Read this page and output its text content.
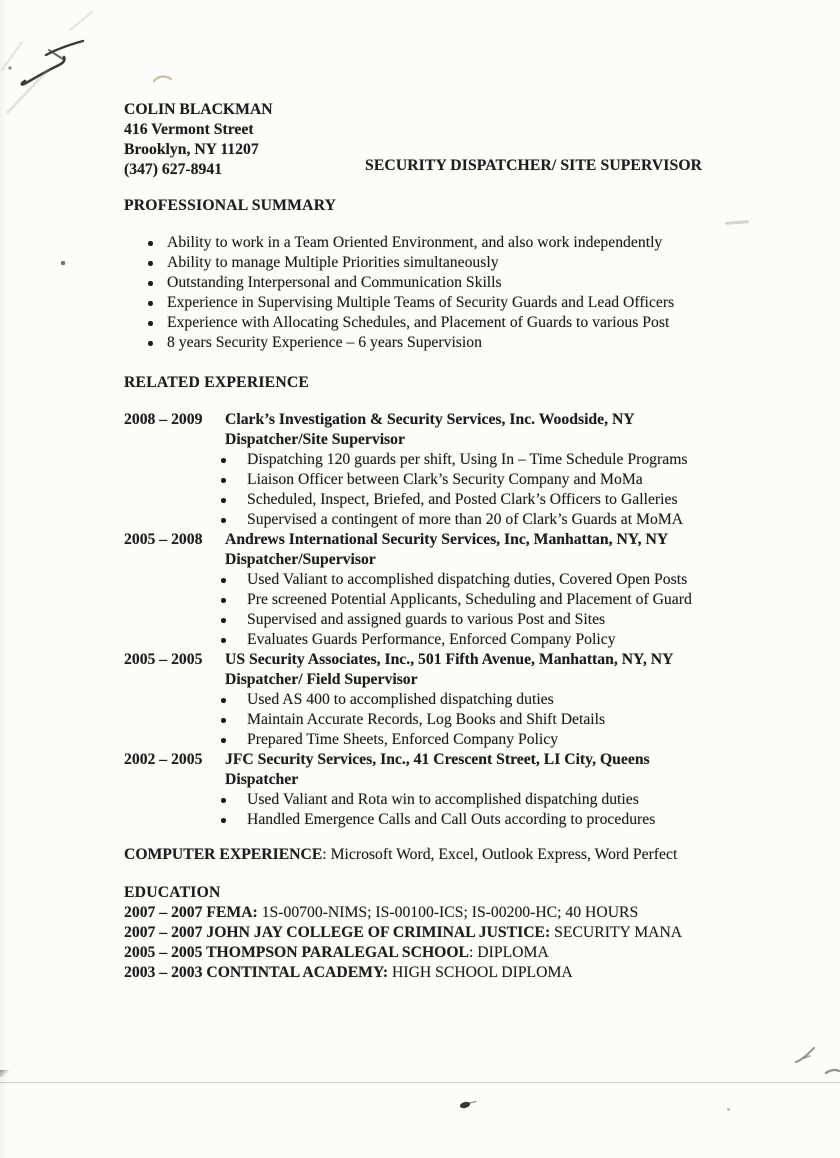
COLIN BLACKMAN
416 Vermont Street
Brooklyn, NY 11207
(347) 627-8941	SECURITY DISPATCHER/ SITE SUPERVISOR
PROFESSIONAL SUMMARY
Ability to work in a Team Oriented Environment, and also work independently
Ability to manage Multiple Priorities simultaneously
Outstanding Interpersonal and Communication Skills
Experience in Supervising Multiple Teams of Security Guards and Lead Officers
Experience with Allocating Schedules, and Placement of Guards to various Post
8 years Security Experience – 6 years Supervision
RELATED EXPERIENCE
2008 – 2009	Clark’s Investigation & Security Services, Inc. Woodside, NY
Dispatcher/Site Supervisor
Dispatching 120 guards per shift, Using In – Time Schedule Programs
Liaison Officer between Clark’s Security Company and MoMa
Scheduled, Inspect, Briefed, and Posted Clark’s Officers to Galleries
Supervised a contingent of more than 20 of Clark’s Guards at MoMA
2005 – 2008	Andrews International Security Services, Inc, Manhattan, NY, NY
Dispatcher/Supervisor
Used Valiant to accomplished dispatching duties, Covered Open Posts
Pre screened Potential Applicants, Scheduling and Placement of Guard
Supervised and assigned guards to various Post and Sites
Evaluates Guards Performance, Enforced Company Policy
2005 – 2005	US Security Associates, Inc., 501 Fifth Avenue, Manhattan, NY, NY
Dispatcher/ Field Supervisor
Used AS 400 to accomplished dispatching duties
Maintain Accurate Records, Log Books and Shift Details
Prepared Time Sheets, Enforced Company Policy
2002 – 2005	JFC Security Services, Inc., 41 Crescent Street, LI City, Queens
Dispatcher
Used Valiant and Rota win to accomplished dispatching duties
Handled Emergence Calls and Call Outs according to procedures

COMPUTER EXPERIENCE: Microsoft Word, Excel, Outlook Express, Word Perfect

EDUCATION
2007 – 2007 FEMA: 1S-00700-NIMS; IS-00100-ICS; IS-00200-HC; 40 HOURS
2007 – 2007 JOHN JAY COLLEGE OF CRIMINAL JUSTICE: SECURITY MANA
2005 – 2005 THOMPSON PARALEGAL SCHOOL: DIPLOMA
2003 – 2003 CONTINTAL ACADEMY: HIGH SCHOOL DIPLOMA
